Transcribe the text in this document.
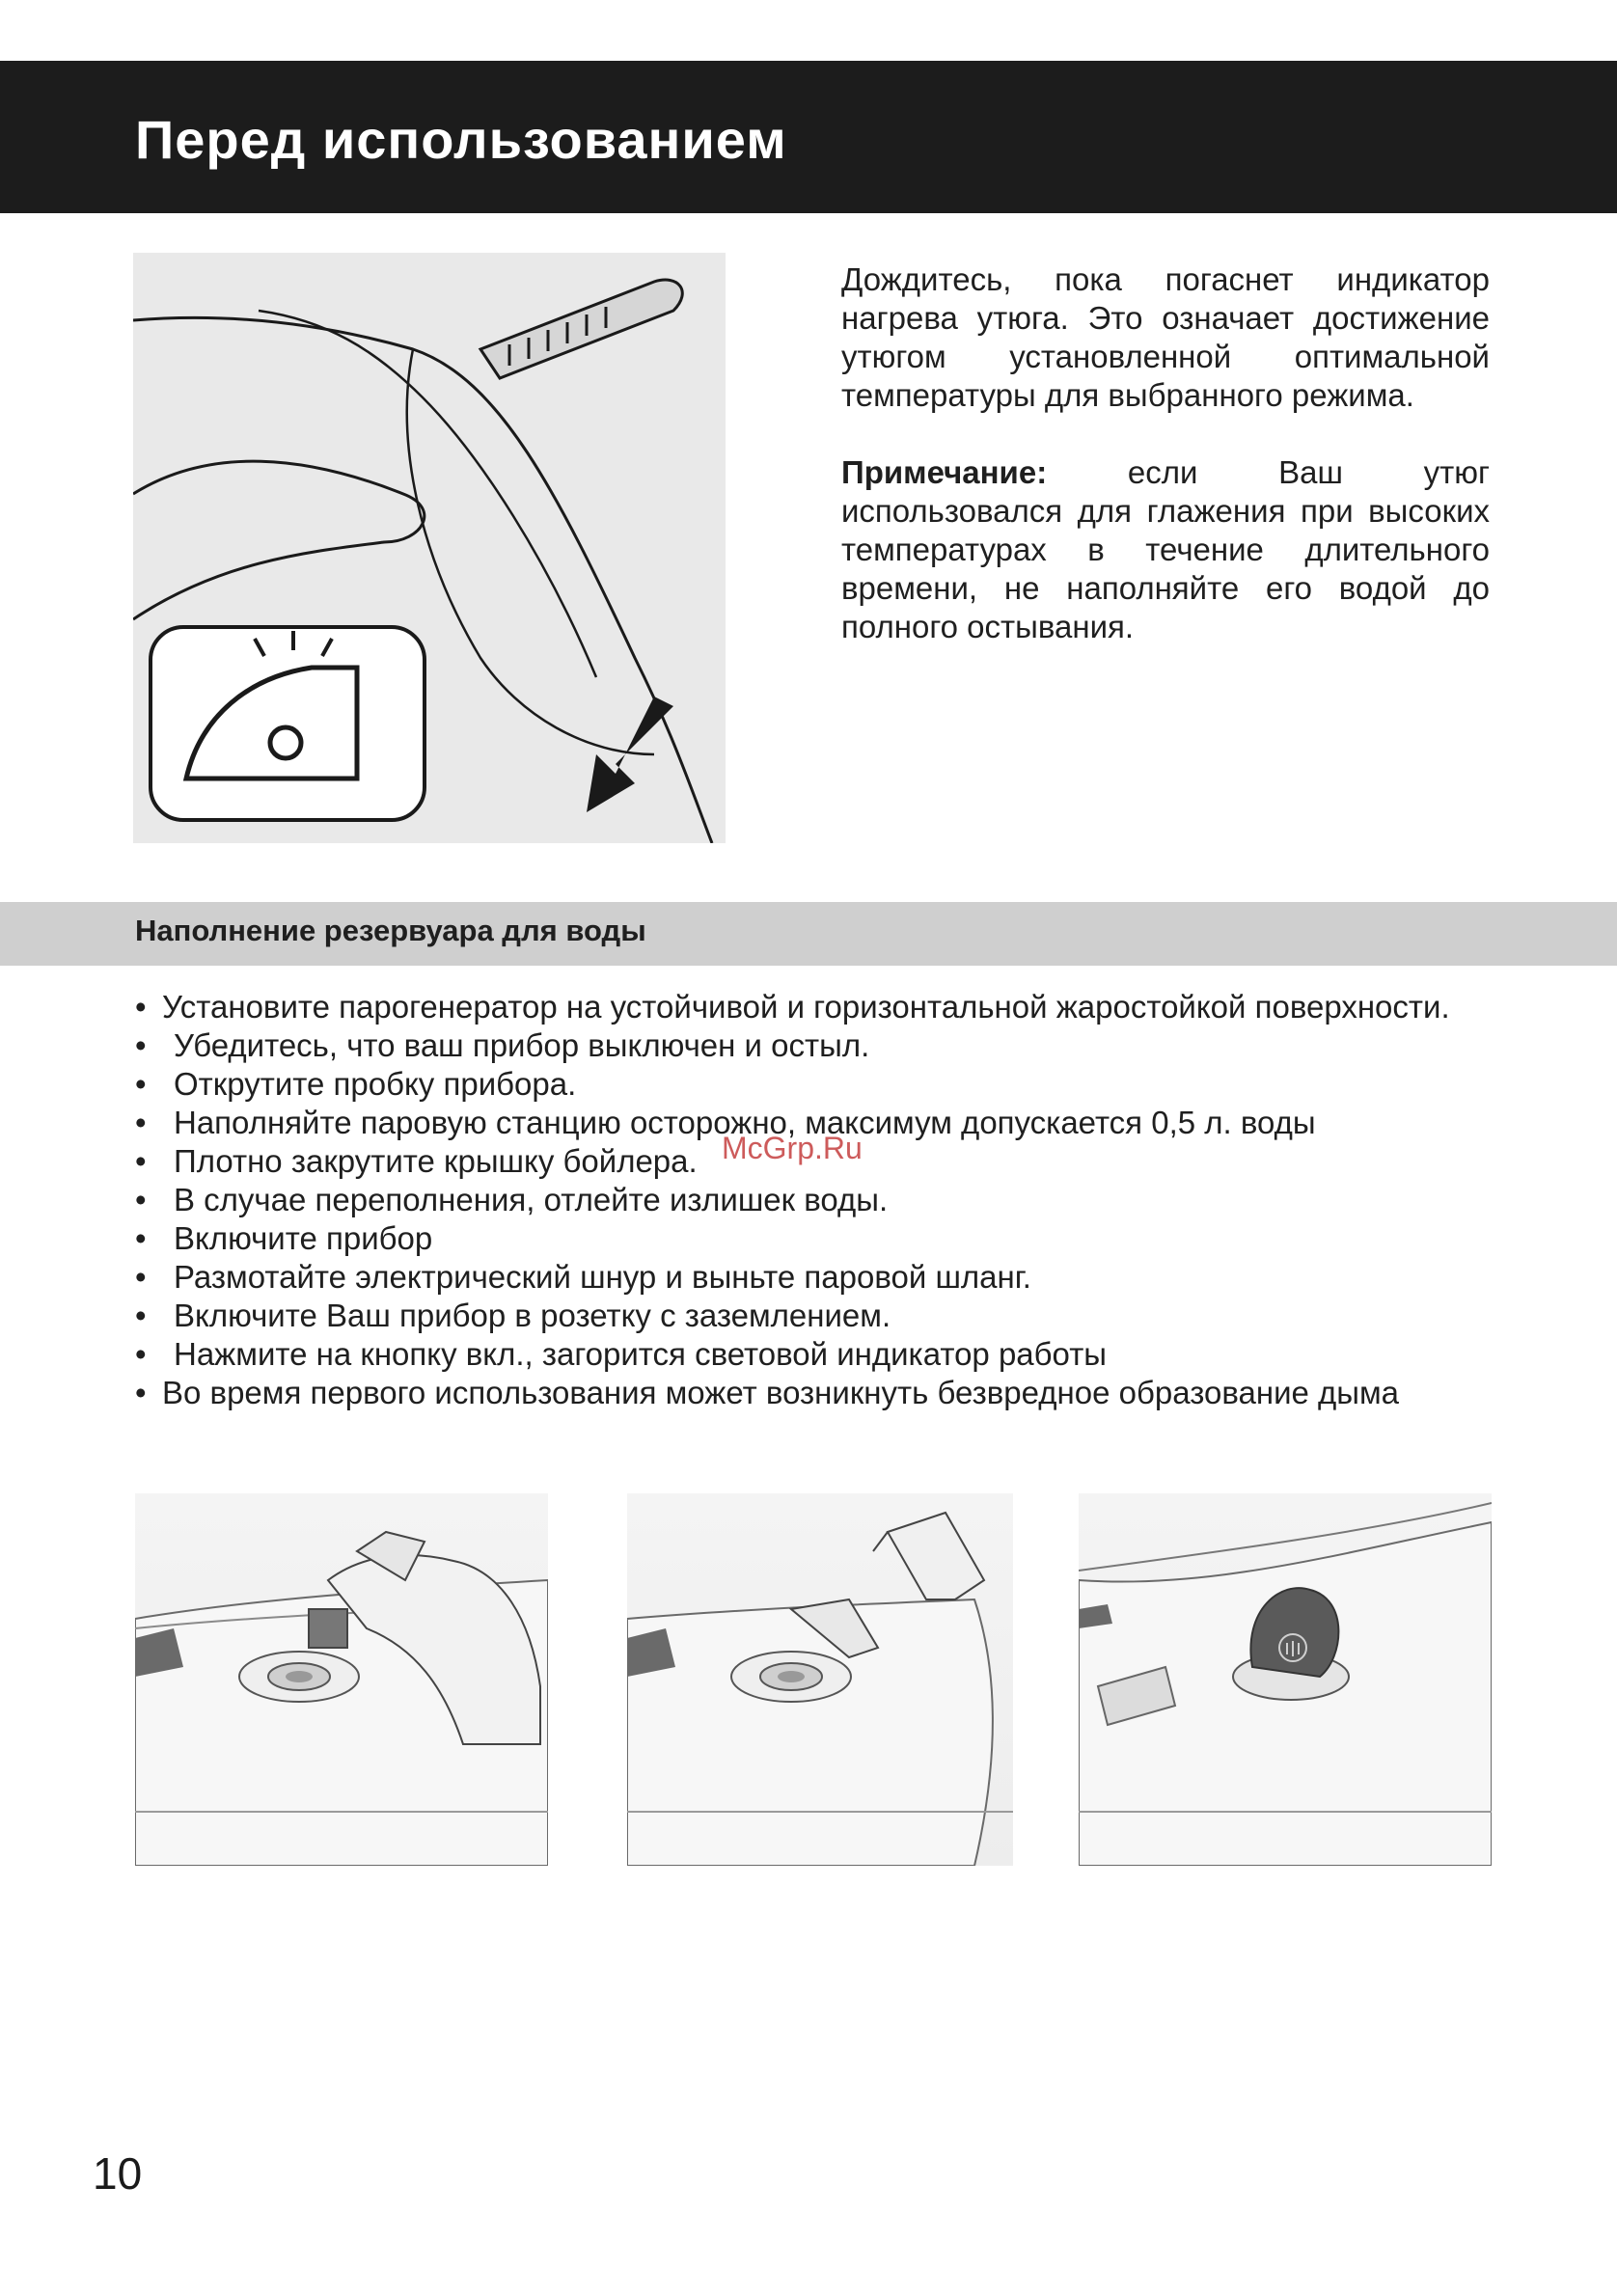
Перед использованием

Дождитесь, пока погаснет индикатор нагрева утюга. Это означает достижение утюгом установленной оптимальной температуры для выбранного режима.

Примечание: если Ваш утюг использовался для глажения при высоких температурах в течение длительного времени, не наполняйте его водой до полного остывания.

Наполнение резервуара для воды
• Установите парогенератор на устойчивой и горизонтальной жаростойкой поверхности.
• Убедитесь, что ваш прибор выключен и остыл.
• Открутите пробку прибора.
• Наполняйте паровую станцию осторожно, максимум допускается 0,5 л. воды
• Плотно закрутите крышку бойлера.
• В случае переполнения, отлейте излишек воды.
• Включите прибор
• Размотайте электрический шнур и выньте паровой шланг.
• Включите Ваш прибор в розетку с заземлением.
• Нажмите на кнопку вкл., загорится световой индикатор работы
• Во время первого использования может возникнуть безвредное образование дыма
McGrp.Ru
10
